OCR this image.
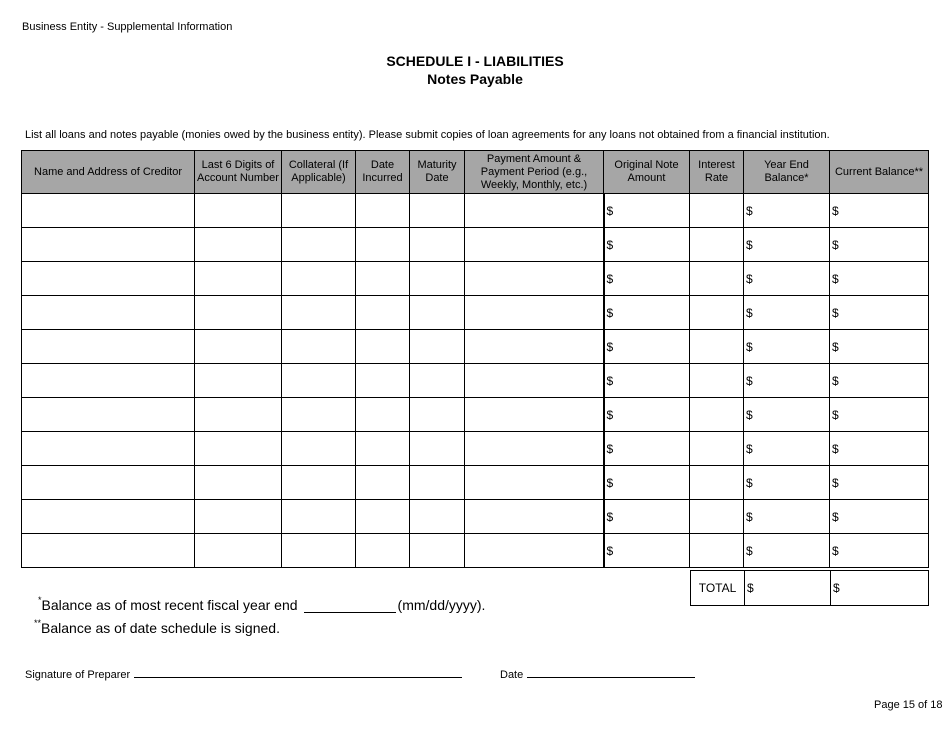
Business Entity - Supplemental Information
SCHEDULE I - LIABILITIES
Notes Payable
List all loans and notes payable (monies owed by the business entity). Please submit copies of loan agreements for any loans not obtained from a financial institution.
Name and Address of Creditor	Last 6 Digits of Account Number	Collateral (If Applicable)	Date Incurred	Maturity Date	Payment Amount & Payment Period (e.g., Weekly, Monthly, etc.)	Original Note Amount	Interest Rate	Year End Balance*	Current Balance**
						$		$	$
						$		$	$
						$		$	$
						$		$	$
						$		$	$
						$		$	$
						$		$	$
						$		$	$
						$		$	$
						$		$	$
						$		$	$
TOTAL	$	$
*Balance as of most recent fiscal year end	(mm/dd/yyyy).
**Balance as of date schedule is signed.
Signature of Preparer	Date
Page 15 of 18
